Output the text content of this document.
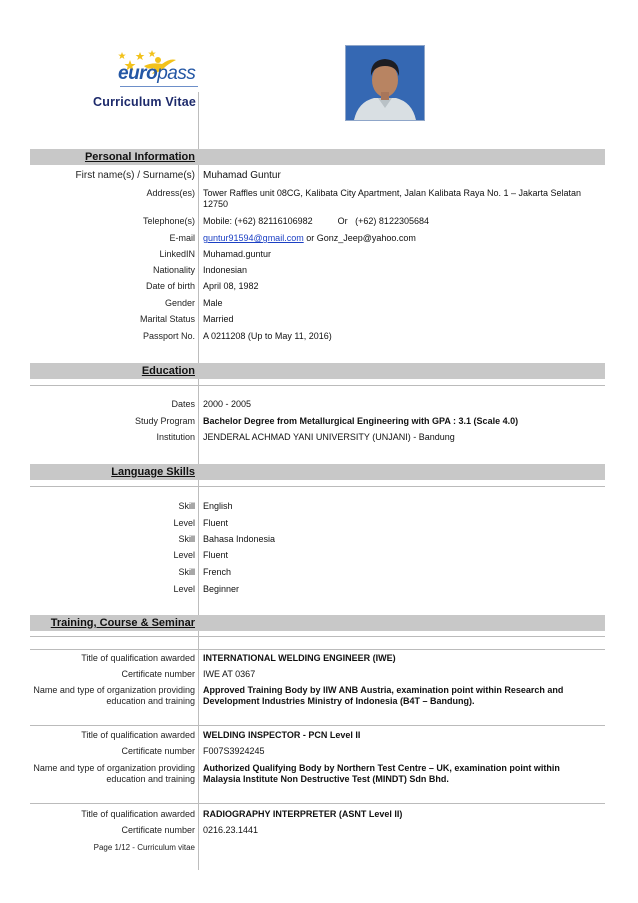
europass
Curriculum Vitae
Personal Information
First name(s) / Surname(s) Muhamad Guntur
Address(es) Tower Raffles unit 08CG, Kalibata City Apartment, Jalan Kalibata Raya No. 1 – Jakarta Selatan 12750
Telephone(s) Mobile: (+62) 82116106982          Or   (+62) 8122305684
E-mail guntur91594@gmail.com or Gonz_Jeep@yahoo.com
LinkedIN Muhamad.guntur
Nationality Indonesian
Date of birth April 08, 1982
Gender Male
Marital Status Married
Passport No. A 0211208 (Up to May 11, 2016)
Education
Dates 2000 - 2005
Study Program Bachelor Degree from Metallurgical Engineering with GPA : 3.1 (Scale 4.0)
Institution JENDERAL ACHMAD YANI UNIVERSITY (UNJANI) - Bandung
Language Skills
Skill English
Level Fluent
Skill Bahasa Indonesia
Level Fluent
Skill French
Level Beginner
Training, Course & Seminar
Title of qualification awarded INTERNATIONAL WELDING ENGINEER (IWE)
Certificate number IWE AT 0367
Name and type of organization providing education and training
Approved Training Body by IIW ANB Austria, examination point within Research and Development Industries Ministry of Indonesia (B4T – Bandung).
Title of qualification awarded WELDING INSPECTOR - PCN Level II
Certificate number F007S3924245
Name and type of organization providing education and training
Authorized Qualifying Body by Northern Test Centre – UK, examination point within Malaysia Institute Non Destructive Test (MINDT) Sdn Bhd.
Title of qualification awarded RADIOGRAPHY INTERPRETER (ASNT Level II)
Certificate number 0216.23.1441
Page 1/12 - Curriculum vitae
